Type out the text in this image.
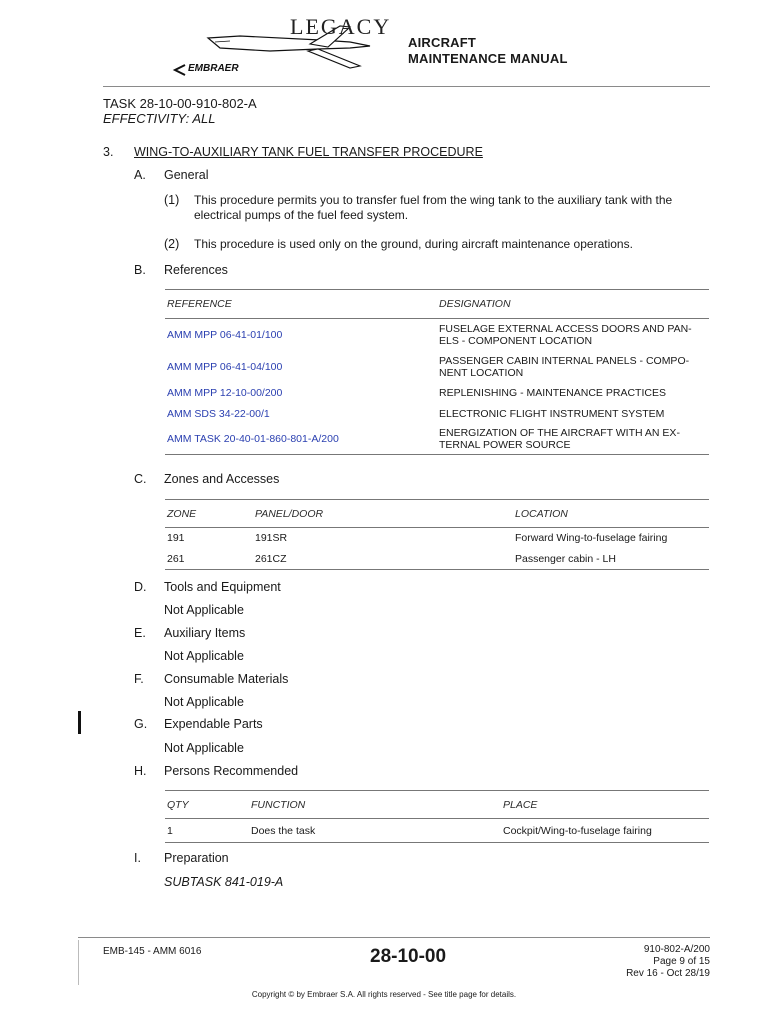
LEGACY
EMBRAER
AIRCRAFT
MAINTENANCE MANUAL
TASK 28-10-00-910-802-A
EFFECTIVITY: ALL
3. WING-TO-AUXILIARY TANK FUEL TRANSFER PROCEDURE
A. General
(1) This procedure permits you to transfer fuel from the wing tank to the auxiliary tank with the
electrical pumps of the fuel feed system.
(2) This procedure is used only on the ground, during aircraft maintenance operations.
B. References
REFERENCE	DESIGNATION
AMM MPP 06-41-01/100	FUSELAGE EXTERNAL ACCESS DOORS AND PAN-
ELS - COMPONENT LOCATION

AMM MPP 06-41-04/100	PASSENGER CABIN INTERNAL PANELS - COMPO-
NENT LOCATION

AMM MPP 12-10-00/200	REPLENISHING - MAINTENANCE PRACTICES

AMM SDS 34-22-00/1	ELECTRONIC FLIGHT INSTRUMENT SYSTEM

AMM TASK 20-40-01-860-801-A/200	ENERGIZATION OF THE AIRCRAFT WITH AN EX-
TERNAL POWER SOURCE
C. Zones and Accesses
ZONE	PANEL/DOOR	LOCATION
191	191SR	Forward Wing-to-fuselage fairing
261	261CZ	Passenger cabin - LH
D. Tools and Equipment
Not Applicable
E. Auxiliary Items
Not Applicable
F. Consumable Materials
Not Applicable
G. Expendable Parts
Not Applicable
H. Persons Recommended
QTY	FUNCTION	PLACE
1	Does the task	Cockpit/Wing-to-fuselage fairing
I. Preparation
SUBTASK 841-019-A
EMB-145 - AMM 6016	28-10-00	910-802-A/200
Page 9 of 15
Rev 16 - Oct 28/19
Copyright © by Embraer S.A. All rights reserved - See title page for details.
